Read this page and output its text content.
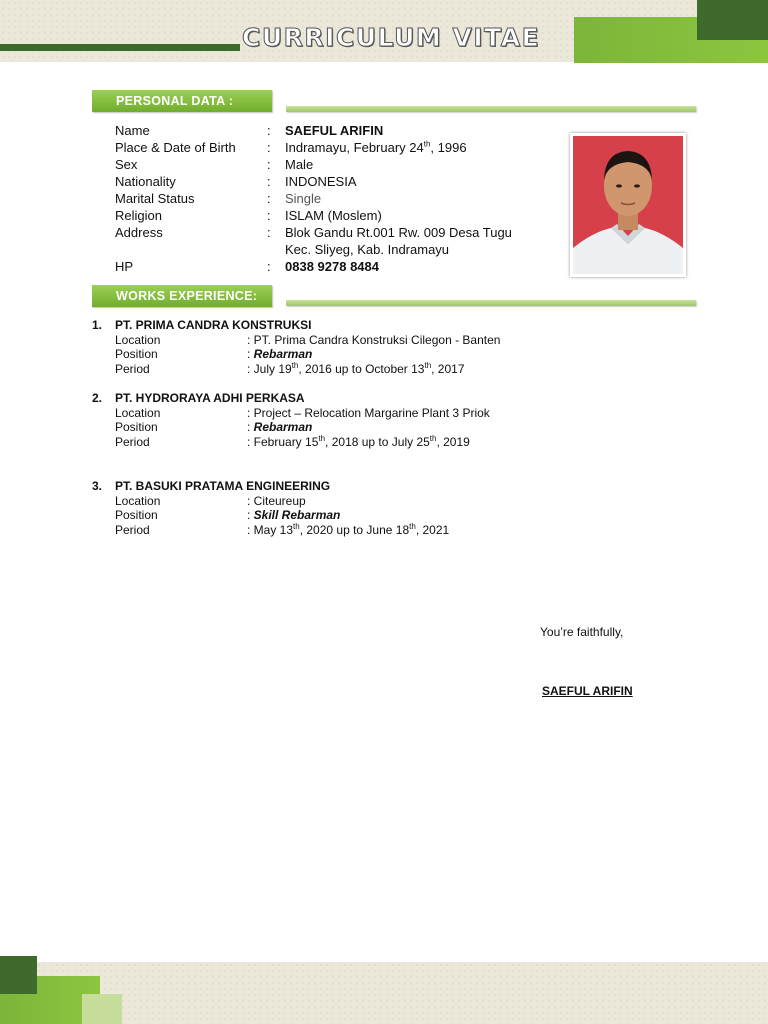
CURRICULUM VITAE
PERSONAL DATA :
Name	: SAEFUL ARIFIN
Place & Date of Birth : Indramayu, February 24th, 1996
Sex	: Male
Nationality	: INDONESIA
Marital Status	: Single
Religion	: ISLAM (Moslem)
Address	: Blok Gandu Rt.001 Rw. 009 Desa Tugu
Kec. Sliyeg, Kab. Indramayu
HP	: 0838 9278 8484
WORKS EXPERIENCE:
1. PT. PRIMA CANDRA KONSTRUKSI
Location	: PT. Prima Candra Konstruksi Cilegon - Banten
Position	: Rebarman
Period	: July 19th, 2016 up to October 13th, 2017
2. PT. HYDRORAYA ADHI PERKASA
Location	: Project – Relocation Margarine Plant 3 Priok
Position	: Rebarman
Period	: February 15th, 2018 up to July 25th, 2019
3. PT. BASUKI PRATAMA ENGINEERING
Location	: Citeureup
Position	: Skill Rebarman
Period	: May 13th, 2020 up to June 18th, 2021
You’re faithfully,
SAEFUL ARIFIN
